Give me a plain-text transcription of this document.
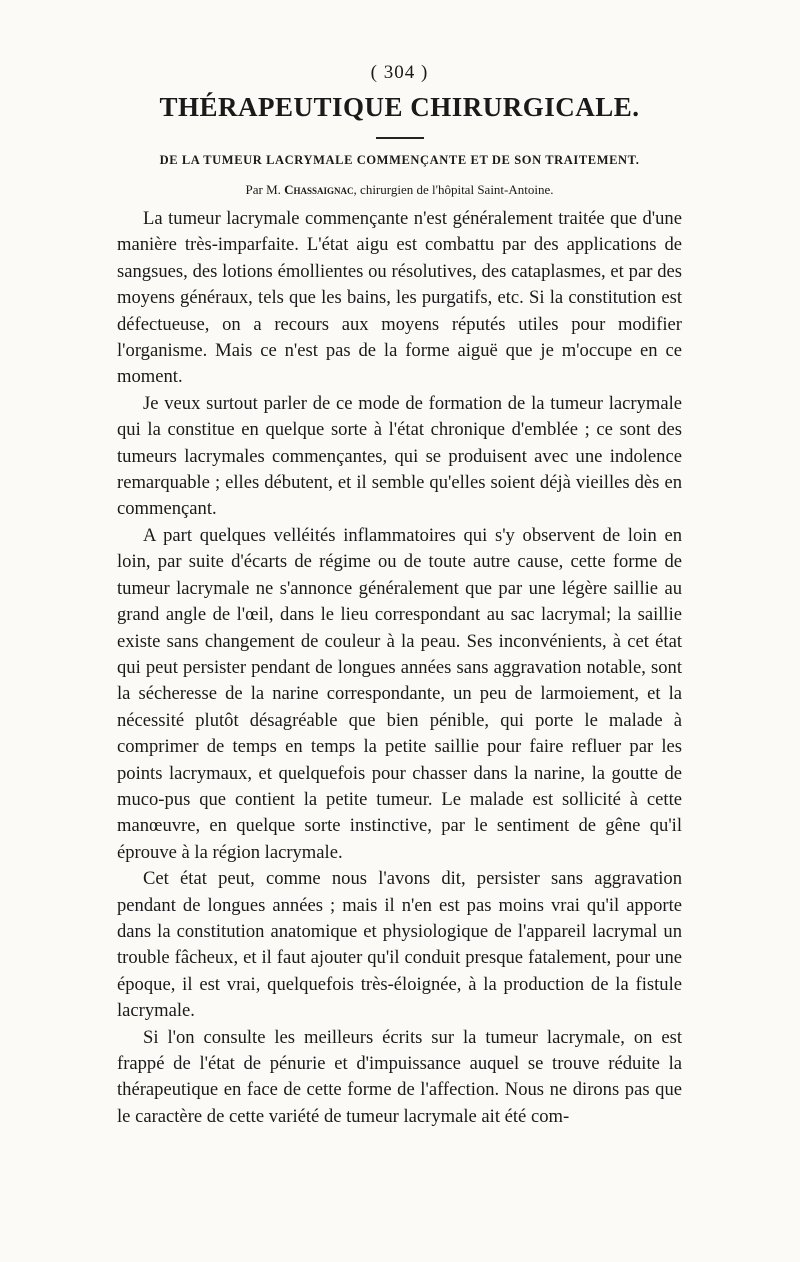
( 304 )
THÉRAPEUTIQUE CHIRURGICALE.
DE LA TUMEUR LACRYMALE COMMENÇANTE ET DE SON TRAITEMENT.
Par M. Chassaignac, chirurgien de l'hôpital Saint-Antoine.

La tumeur lacrymale commençante n'est généralement traitée que d'une manière très-imparfaite. L'état aigu est combattu par des applications de sangsues, des lotions émollientes ou résolutives, des cataplasmes, et par des moyens généraux, tels que les bains, les purgatifs, etc. Si la constitution est défectueuse, on a recours aux moyens réputés utiles pour modifier l'organisme. Mais ce n'est pas de la forme aiguë que je m'occupe en ce moment.

Je veux surtout parler de ce mode de formation de la tumeur lacrymale qui la constitue en quelque sorte à l'état chronique d'emblée ; ce sont des tumeurs lacrymales commençantes, qui se produisent avec une indolence remarquable ; elles débutent, et il semble qu'elles soient déjà vieilles dès en commençant.

A part quelques velléités inflammatoires qui s'y observent de loin en loin, par suite d'écarts de régime ou de toute autre cause, cette forme de tumeur lacrymale ne s'annonce généralement que par une légère saillie au grand angle de l'œil, dans le lieu correspondant au sac lacrymal; la saillie existe sans changement de couleur à la peau. Ses inconvénients, à cet état qui peut persister pendant de longues années sans aggravation notable, sont la sécheresse de la narine correspondante, un peu de larmoiement, et la nécessité plutôt désagréable que bien pénible, qui porte le malade à comprimer de temps en temps la petite saillie pour faire refluer par les points lacrymaux, et quelquefois pour chasser dans la narine, la goutte de muco-pus que contient la petite tumeur. Le malade est sollicité à cette manœuvre, en quelque sorte instinctive, par le sentiment de gêne qu'il éprouve à la région lacrymale.

Cet état peut, comme nous l'avons dit, persister sans aggravation pendant de longues années ; mais il n'en est pas moins vrai qu'il apporte dans la constitution anatomique et physiologique de l'appareil lacrymal un trouble fâcheux, et il faut ajouter qu'il conduit presque fatalement, pour une époque, il est vrai, quelquefois très-éloignée, à la production de la fistule lacrymale.

Si l'on consulte les meilleurs écrits sur la tumeur lacrymale, on est frappé de l'état de pénurie et d'impuissance auquel se trouve réduite la thérapeutique en face de cette forme de l'affection. Nous ne dirons pas que le caractère de cette variété de tumeur lacrymale ait été com-
